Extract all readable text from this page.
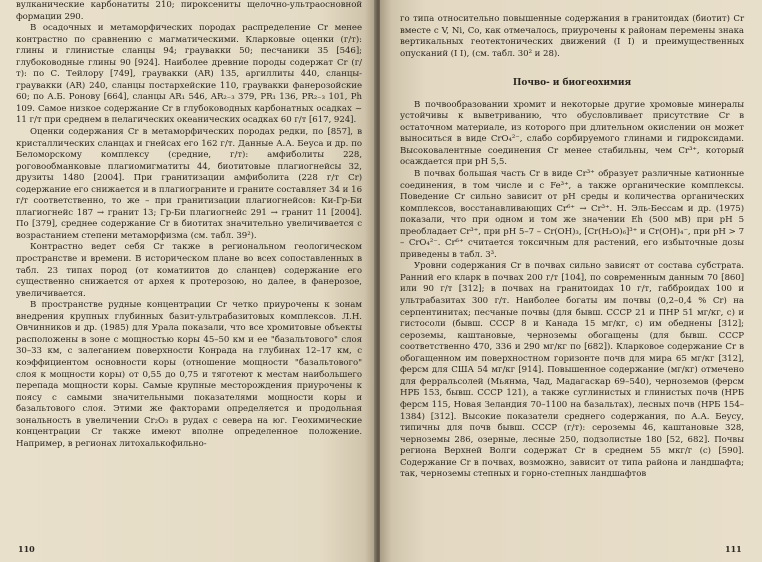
вулканические карбонатиты 210; пироксениты щелочно-ультраосновной формации 290.

В осадочных и метаморфических породах распределение Cr менее контрастно по сравнению с магматическими. Кларковые оценки (г/т): глины и глинистые сланцы 94; граувакки 50; песчаники 35 [546]; глубоководные глины 90 [924]. Наиболее древние породы содержат Cr (г/т): по С. Тейлору [749], граувакки (AR) 135, аргиллиты 440, сланцы-граувакки (AR) 240, сланцы постархейские 110, граувакки фанерозойские 60; по А.Б. Ронову [664], сланцы AR₁ 546, AR₂₋₃ 379, PR₁ 136, PR₂₋₃ 101, Ph 109. Самое низкое содержание Cr в глубоководных карбонатных осадках ~ 11 г/т при среднем в пелагических океанических осадках 60 г/т [617, 924].

Оценки содержания Cr в метаморфических породах редки, по [857], в кристаллических сланцах и гнейсах его 162 г/т. Данные А.А. Беуса и др. по Беломорскому комплексу (средние, г/т): амфиболиты 228, роговообманковые плагиомигматиты 44, биотитовые плагиогнейсы 32, друзиты 1480 [2004]. При гранитизации амфиболита (228 г/т Cr) содержание его снижается и в плагиограните и граните составляет 34 и 16 г/т соответственно, то же – при гранитизации плагиогнейсов: Ки-Гр-Би плагиогнейс 187 → гранит 13; Гр-Би плагиогнейс 291 → гранит 11 [2004]. По [379], среднее содержание Cr в биотитах значительно увеличивается с возрастанием степени метаморфизма (см. табл. 39²).

Контрастно ведет себя Cr также в региональном геологическом пространстве и времени. В историческом плане во всех сопоставленных в табл. 23 типах пород (от коматиитов до сланцев) содержание его существенно снижается от архея к протерозою, но далее, в фанерозое, увеличивается.

В пространстве рудные концентрации Cr четко приурочены к зонам внедрения крупных глубинных базит-ультрабазитовых комплексов. Л.Н. Овчинников и др. (1985) для Урала показали, что все хромитовые объекты расположены в зоне с мощностью коры 45–50 км и ее "базальтового" слоя 30–33 км, с залеганием поверхности Конрада на глубинах 12–17 км, с коэффициентом основности коры (отношение мощности "базальтового" слоя к мощности коры) от 0,55 до 0,75 и тяготеют к местам наибольшего перепада мощности коры. Самые крупные месторождения приурочены к поясу с самыми значительными показателями мощности коры и базальтового слоя. Этими же факторами определяется и продольная зональность в увеличении Cr₂O₃ в рудах с севера на юг. Геохимические концентрации Cr также имеют вполне определенное положение. Например, в регионах литохалькофильно-

110

го типа относительно повышенные содержания в гранитоидах (биотит) Cr вместе с V, Ni, Co, как отмечалось, приурочены к районам перемены знака вертикальных геотектонических движений (I I) и преимущественных опусканий (I I), (см. табл. 30² и 28).

Почво- и биогеохимия

В почвообразовании хромит и некоторые другие хромовые минералы устойчивы к выветриванию, что обусловливает присутствие Cr в остаточном материале, из которого при длительном окислении он может выноситься в виде CrO₄²⁻, слабо сорбируемого глинами и гидроксидами. Высоковалентные соединения Cr менее стабильны, чем Cr³⁺, который осаждается при pH 5,5.

В почвах большая часть Cr в виде Cr³⁺ образует различные катионные соединения, в том числе и с Fe³⁺, а также органические комплексы. Поведение Cr сильно зависит от pH среды и количества органических комплексов, восстанавливающих Cr⁶⁺ → Cr³⁺. Н. Эль-Бессам и др. (1975) показали, что при одном и том же значении Eh (500 мВ) при pH 5 преобладает Cr³⁺, при pH 5–7 – Cr(OH)₃, [Cr(H₂O)₆]³⁺ и Cr(OH)₄⁻, при pH > 7 – CrO₄²⁻. Cr⁶⁺ считается токсичным для растений, его избыточные дозы приведены в табл. 3³.

Уровни содержания Cr в почвах сильно зависят от состава субстрата. Ранний его кларк в почвах 200 г/т [104], по современным данным 70 [860] или 90 г/т [312]; в почвах на гранитоидах 10 г/т, габброидах 100 и ультрабазитах 300 г/т. Наиболее богаты им почвы (0,2–0,4 % Cr) на серпентинитах; песчаные почвы (для бывш. СССР 21 и ПНР 51 мг/кг, с) и гистосоли (бывш. СССР 8 и Канада 15 мг/кг, с) им обеднены [312]; сероземы, каштановые, черноземы обогащены (для бывш. СССР соответственно 470, 336 и 290 мг/кг по [682]). Кларковое содержание Cr в обогащенном им поверхностном горизонте почв для мира 65 мг/кг [312], ферсм для США 54 мг/кг [914]. Повышенное содержание (мг/кг) отмечено для ферральсолей (Мьянма, Чад, Мадагаскар 69–540), черноземов (ферсм НРБ 153, бывш. СССР 121), а также суглинистых и глинистых почв (НРБ ферсм 115, Новая Зеландия 70–1100 на базальтах), лесных почв (НРБ 154–1384) [312]. Высокие показатели среднего содержания, по А.А. Беусу, типичны для почв бывш. СССР (г/т): сероземы 46, каштановые 328, черноземы 286, озерные, лесные 250, подзолистые 180 [52, 682]. Почвы региона Верхней Волги содержат Cr в среднем 55 мкг/г (с) [590]. Содержание Cr в почвах, возможно, зависит от типа района и ландшафта; так, черноземы степных и горно-степных ландшафтов

111
